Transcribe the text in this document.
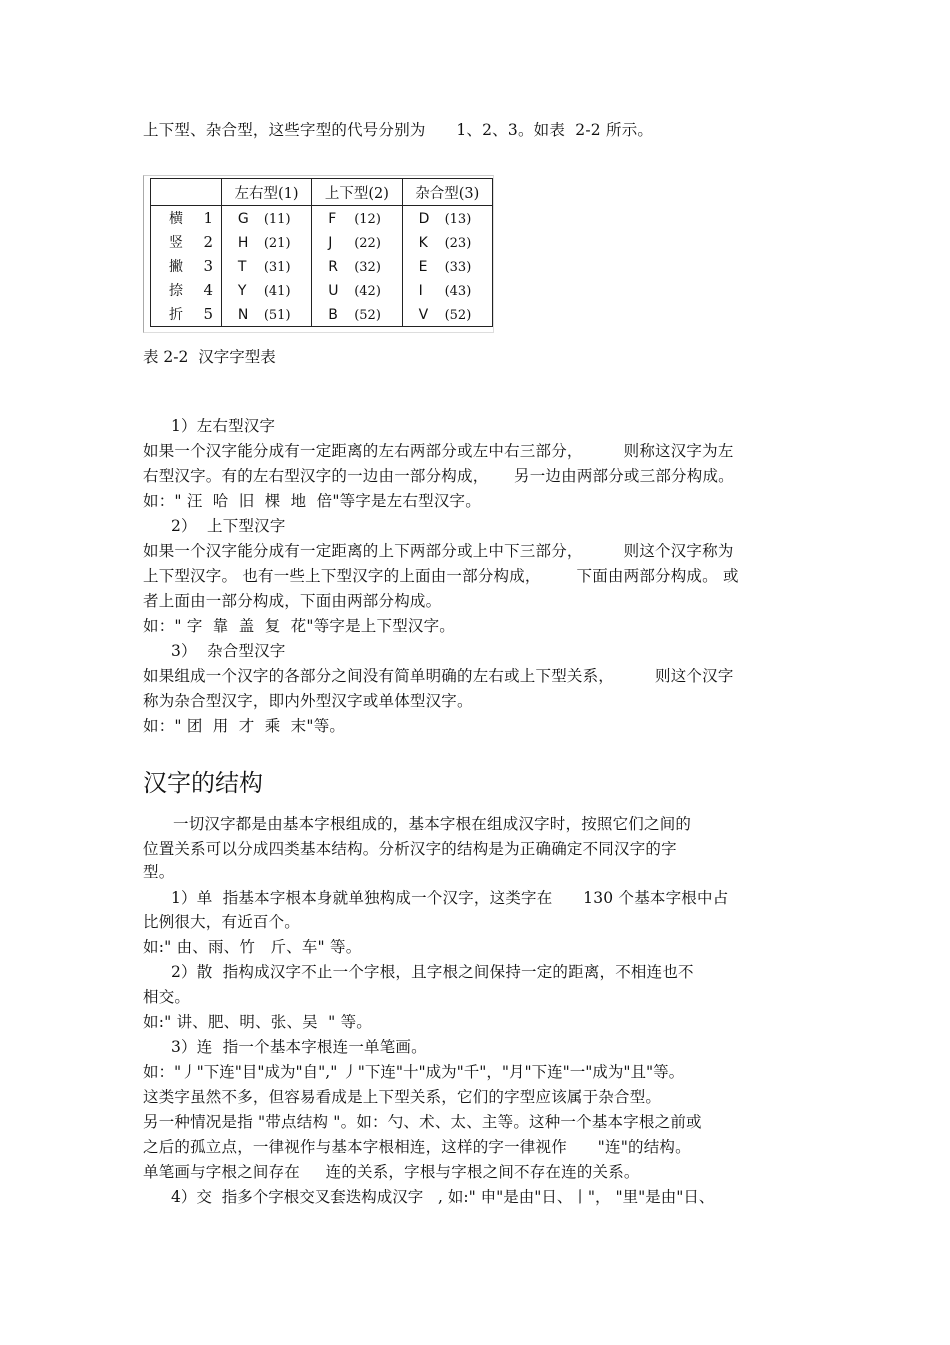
上下型、杂合型，这些字型的代号分别为      1、2、3。如表  2-2 所示。
	左右型(1)	上下型(2)	杂合型(3)
横 1	G (11)	F (12)	D (13)
竖 2	H (21)	J (22)	K (23)
撇 3	T (31)	R (32)	E (33)
捺 4	Y (41)	U (42)	I (43)
折 5	N (51)	B (52)	V (52)
表 2-2  汉字字型表
1）左右型汉字
如果一个汉字能分成有一定距离的左右两部分或左中右三部分，        则称这汉字为左
右型汉字。有的左右型汉字的一边由一部分构成，     另一边由两部分或三部分构成。
如：" 汪  哈  旧  棵  地  倍"等字是左右型汉字。
2）  上下型汉字
如果一个汉字能分成有一定距离的上下两部分或上中下三部分，        则这个汉字称为
上下型汉字。 也有一些上下型汉字的上面由一部分构成，       下面由两部分构成。 或
者上面由一部分构成，下面由两部分构成。
如：" 字  靠  盖  复  花"等字是上下型汉字。
3）  杂合型汉字
如果组成一个汉字的各部分之间没有简单明确的左右或上下型关系，        则这个汉字
称为杂合型汉字，即内外型汉字或单体型汉字。
如：" 团  用  才  乘  末"等。
汉字的结构
一切汉字都是由基本字根组成的，基本字根在组成汉字时，按照它们之间的
位置关系可以分成四类基本结构。分析汉字的结构是为正确确定不同汉字的字
型。
1）单  指基本字根本身就单独构成一个汉字，这类字在      130 个基本字根中占
比例很大，有近百个。
如:" 由、雨、竹   斤、车" 等。
2）散  指构成汉字不止一个字根，且字根之间保持一定的距离，不相连也不
相交。
如:" 讲、肥、明、张、吴  " 等。
3）连  指一个基本字根连一单笔画。
如："丿"下连"目"成为"自"," 丿"下连"十"成为"千"，"月"下连"一"成为"且"等。
这类字虽然不多，但容易看成是上下型关系，它们的字型应该属于杂合型。
另一种情况是指 "带点结构 "。如：勺、术、太、主等。这种一个基本字根之前或
之后的孤立点，一律视作与基本字根相连，这样的字一律视作      "连"的结构。
单笔画与字根之间存在     连的关系，字根与字根之间不存在连的关系。
4）交  指多个字根交叉套迭构成汉字   , 如:" 申"是由"日、丨"， "里"是由"日、
